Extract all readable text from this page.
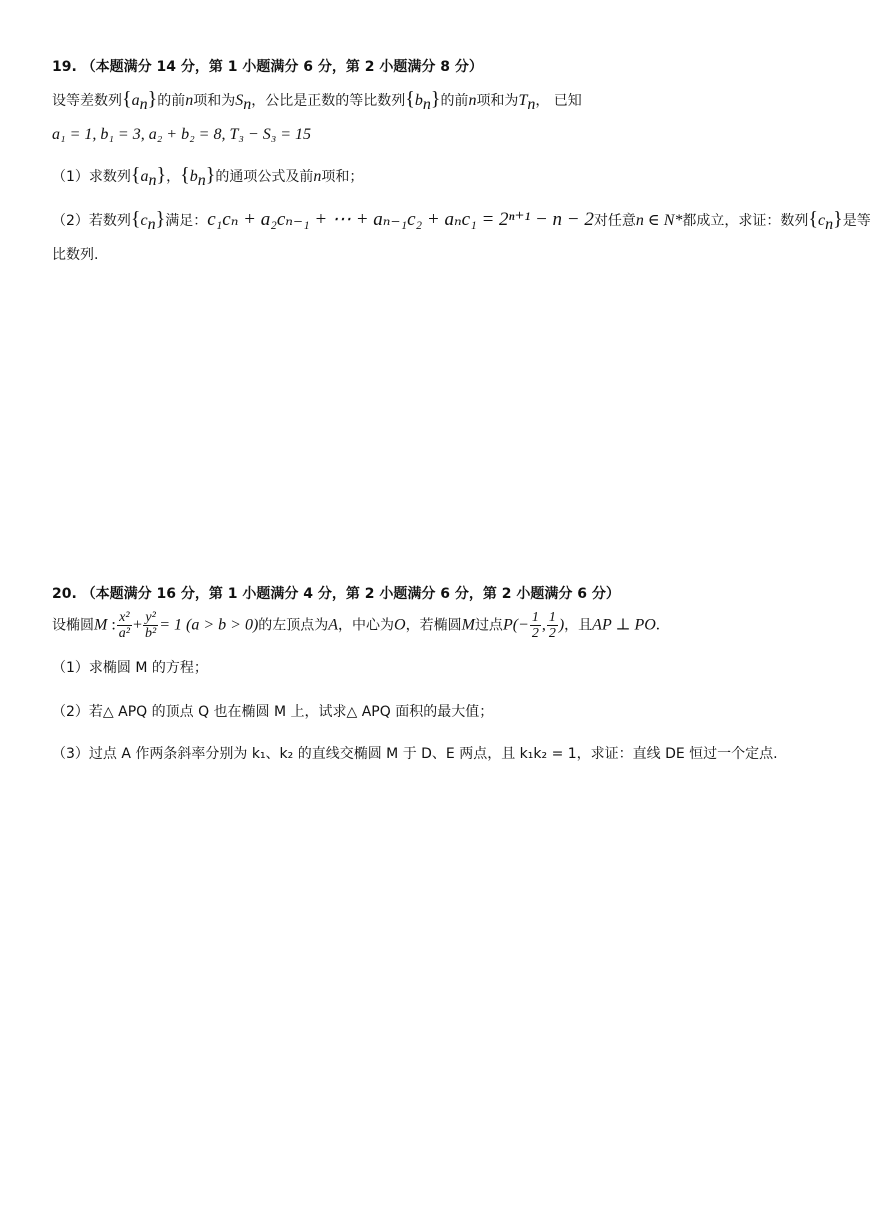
19. （本题满分 14 分，第 1 小题满分 6 分，第 2 小题满分 8 分）
设等差数列$\{a_n\}$的前n项和为$S_n$，公比是正数的等比数列$\{b_n\}$的前n项和为$T_n$， 已知
a₁ = 1, b₁ = 3, a₂ + b₂ = 8, T₃ − S₃ = 15
（1）求数列$\{a_n\}$，$\{b_n\}$的通项公式及前n项和；
（2）若数列$\{c_n\}$满足：c₁cₙ + a₂cₙ₋₁ + ⋯ + aₙ₋₁c₂ + aₙc₁ = 2ⁿ⁺¹ − n − 2对任意n ∈ N*都成立，求证：数列$\{c_n\}$是等
比数列.
20. （本题满分 16 分，第 1 小题满分 4 分，第 2 小题满分 6 分，第 2 小题满分 6 分）
设椭圆M : $\frac{\text{x²}}{\text{a²}} + \frac{\text{y²}}{\text{b²}} = 1$ (a > b > 0)的左顶点为A，中心为O，若椭圆M过点$P(- \frac{1}{2}$ , $\frac{1}{2}$ )，且AP ⊥ PO.
（1）求椭圆 M 的方程；
（2）若△ APQ 的顶点 Q 也在椭圆 M 上，试求△ APQ 面积的最大值；
（3）过点 A 作两条斜率分别为 k₁、k₂ 的直线交椭圆 M 于 D、E 两点，且 k₁k₂ = 1，求证：直线 DE 恒过一个定点.
